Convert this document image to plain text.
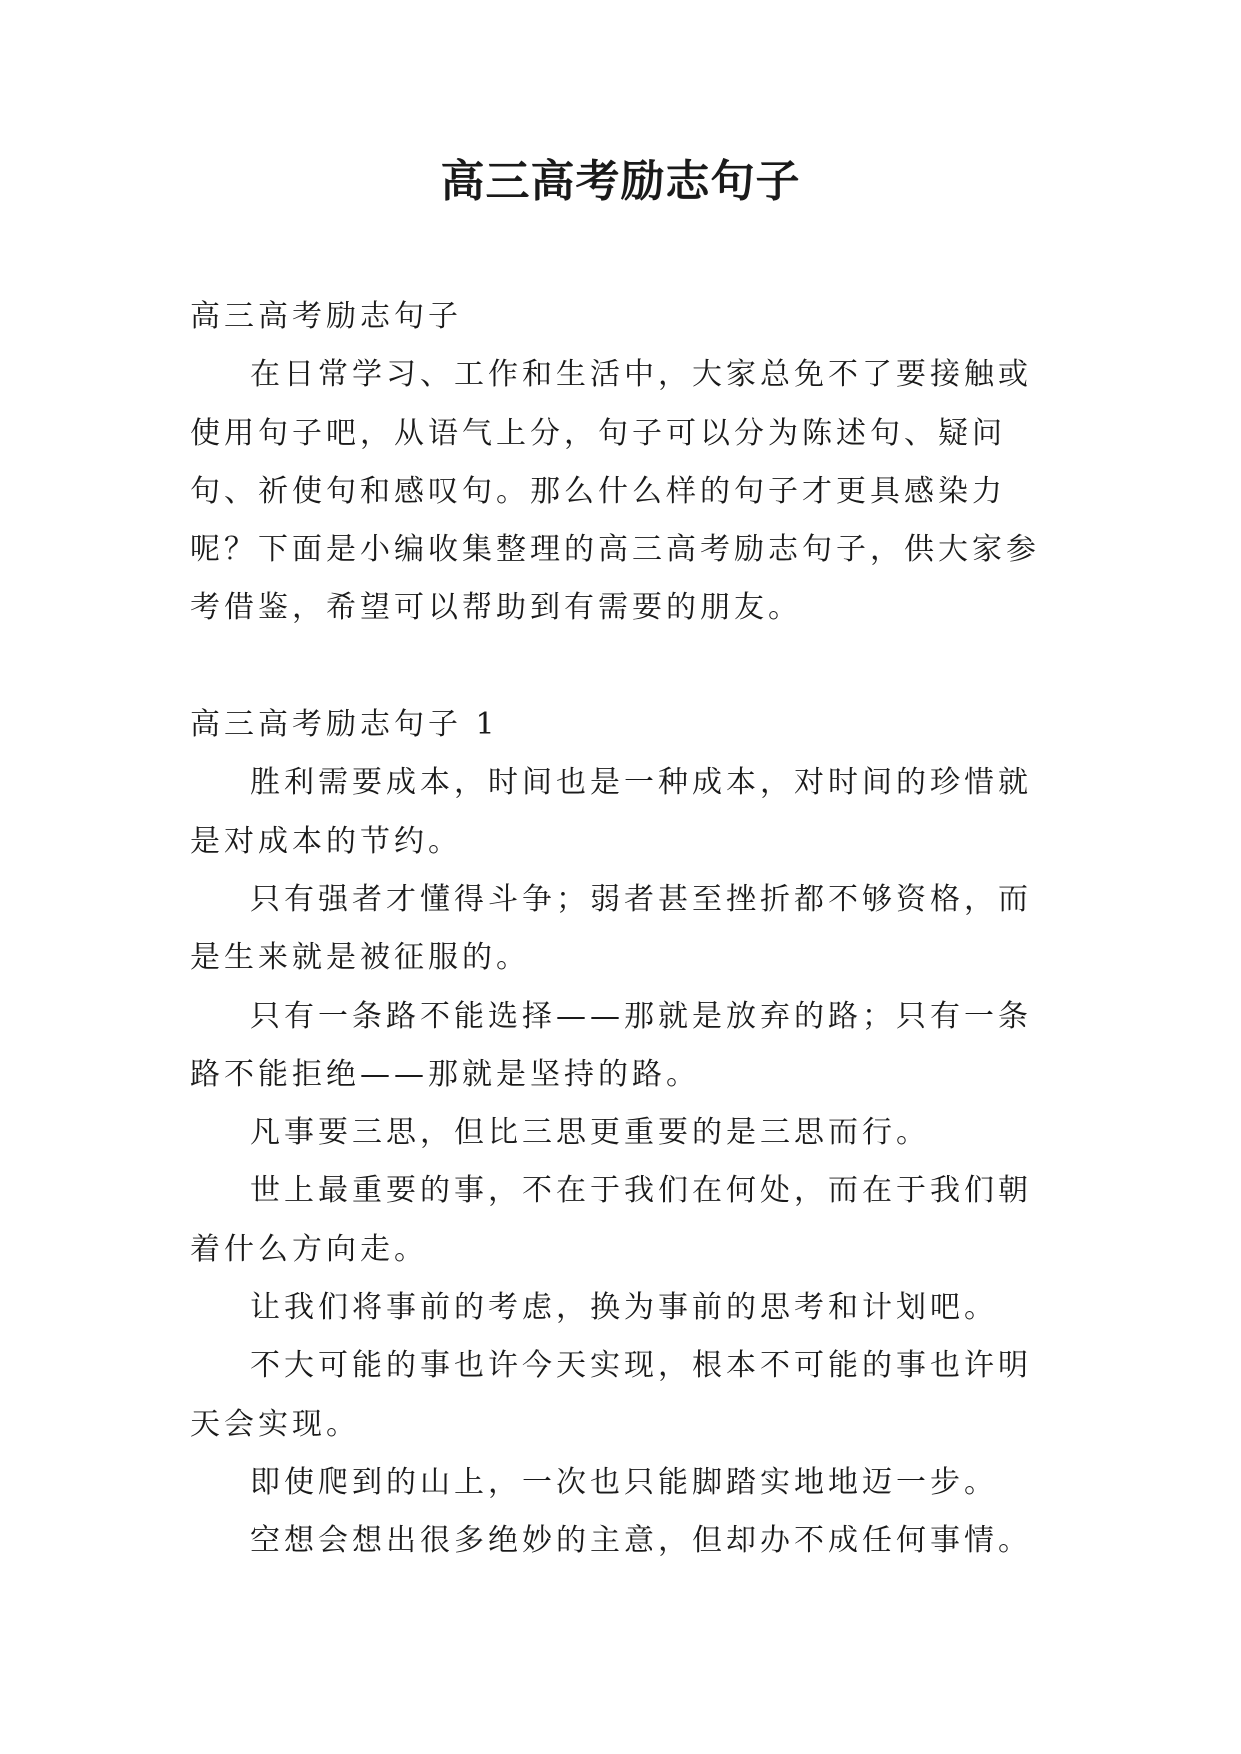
高三高考励志句子

高三高考励志句子

在日常学习、工作和生活中，大家总免不了要接触或使用句子吧，从语气上分，句子可以分为陈述句、疑问句、祈使句和感叹句。那么什么样的句子才更具感染力呢？下面是小编收集整理的高三高考励志句子，供大家参考借鉴，希望可以帮助到有需要的朋友。

高三高考励志句子 1

胜利需要成本，时间也是一种成本，对时间的珍惜就是对成本的节约。

只有强者才懂得斗争；弱者甚至挫折都不够资格，而是生来就是被征服的。

只有一条路不能选择——那就是放弃的路；只有一条路不能拒绝——那就是坚持的路。

凡事要三思，但比三思更重要的是三思而行。

世上最重要的事，不在于我们在何处，而在于我们朝着什么方向走。

让我们将事前的考虑，换为事前的思考和计划吧。

不大可能的事也许今天实现，根本不可能的事也许明天会实现。

即使爬到的山上，一次也只能脚踏实地地迈一步。

空想会想出很多绝妙的主意，但却办不成任何事情。
